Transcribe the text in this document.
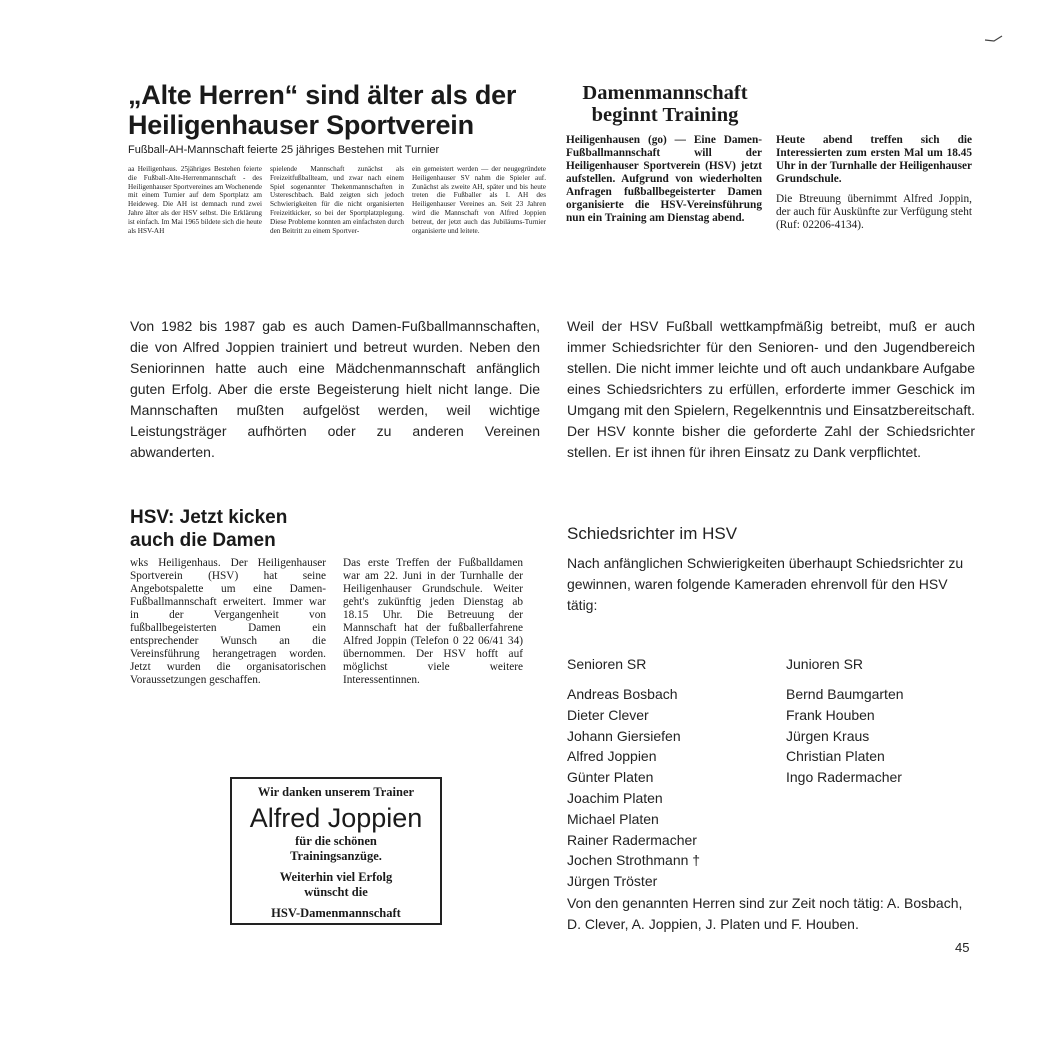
„Alte Herren“ sind älter als der Heiligenhauser Sportverein

Fußball-AH-Mannschaft feierte 25 jähriges Bestehen mit Turnier

aa Heiligenhaus. 25jähriges Bestehen feierte die Fußball-Alte-Herrenmannschaft - des Heiligenhauser Sportvereines am Wochenende mit einem Turnier auf dem Sportplatz am Heideweg. Die AH ist demnach rund zwei Jahre älter als der HSV selbst. Die Erklärung ist einfach. Im Mai 1965 bildete sich die heute als HSV-AH

spielende Mannschaft zunächst als Freizeitfußballteam, und zwar nach einem Spiel sogenannter Thekenmannschaften in Ustereschbach. Bald zeigten sich jedoch Schwierigkeiten für die nicht organisierten Freizeitkicker, so bei der Sportplatzplegung. Diese Probleme konnten am einfachsten durch den Beitritt zu einem Sportver-

ein gemeistert werden — der neugegründete Heiligenhauser SV nahm die Spieler auf. Zunächst als zweite AH, später und bis heute treten die Fußballer als I. AH des Heiligenhauser Vereines an. Seit 23 Jahren wird die Mannschaft von Alfred Joppien betreut, der jetzt auch das Jubiläums-Turnier organisierte und leitete.

Damenmannschaft beginnt Training

Heiligenhausen (go) — Eine Damen-Fußballmannschaft will der Heiligenhauser Sportverein (HSV) jetzt aufstellen. Aufgrund von wiederholten Anfragen fußballbegeisterter Damen organisierte die HSV-Vereinsführung nun ein Training am Dienstag abend.

Heute abend treffen sich die Interessierten zum ersten Mal um 18.45 Uhr in der Turnhalle der Heiligenhauser Grundschule.

Die Btreuung übernimmt Alfred Joppin, der auch für Auskünfte zur Verfügung steht (Ruf: 02206-4134).

Von 1982 bis 1987 gab es auch Damen-Fußballmannschaften, die von Alfred Joppien trainiert und betreut wurden. Neben den Seniorinnen hatte auch eine Mädchenmannschaft anfänglich guten Erfolg. Aber die erste Begeisterung hielt nicht lange. Die Mannschaften mußten aufgelöst werden, weil wichtige Leistungsträger aufhörten oder zu anderen Vereinen abwanderten.

Weil der HSV Fußball wettkampfmäßig betreibt, muß er auch immer Schiedsrichter für den Senioren- und den Jugendbereich stellen. Die nicht immer leichte und oft auch undankbare Aufgabe eines Schiedsrichters zu erfüllen, erforderte immer Geschick im Umgang mit den Spielern, Regelkenntnis und Einsatzbereitschaft. Der HSV konnte bisher die geforderte Zahl der Schiedsrichter stellen. Er ist ihnen für ihren Einsatz zu Dank verpflichtet.

HSV: Jetzt kicken auch die Damen

wks Heiligenhaus. Der Heiligenhauser Sportverein (HSV) hat seine Angebotspalette um eine Damen-Fußballmannschaft erweitert. Immer war in der Vergangenheit von fußballbegeisterten Damen ein entsprechender Wunsch an die Vereinsführung herangetragen worden. Jetzt wurden die organisatorischen Voraussetzungen geschaffen.

Das erste Treffen der Fußballdamen war am 22. Juni in der Turnhalle der Heiligenhauser Grundschule. Weiter geht's zukünftig jeden Dienstag ab 18.15 Uhr. Die Betreuung der Mannschaft hat der fußballerfahrene Alfred Joppin (Telefon 0 22 06/41 34) übernommen. Der HSV hofft auf möglichst viele weitere Interessentinnen.

Wir danken unserem Trainer
Alfred Joppien
für die schönen
Trainingsanzüge.
Weiterhin viel Erfolg
wünscht die
HSV-Damenmannschaft
Schiedsrichter im HSV

Nach anfänglichen Schwierigkeiten überhaupt Schiedsrichter zu gewinnen, waren folgende Kameraden ehrenvoll für den HSV tätig:

Senioren SR

Andreas Bosbach

Dieter Clever

Johann Giersiefen

Alfred Joppien

Günter Platen

Joachim Platen

Michael Platen

Rainer Radermacher

Jochen Strothmann †

Jürgen Tröster

Junioren SR

Bernd Baumgarten

Frank Houben

Jürgen Kraus

Christian Platen

Ingo Radermacher

Von den genannten Herren sind zur Zeit noch tätig: A. Bosbach, D. Clever, A. Joppien, J. Platen und F. Houben.

45
